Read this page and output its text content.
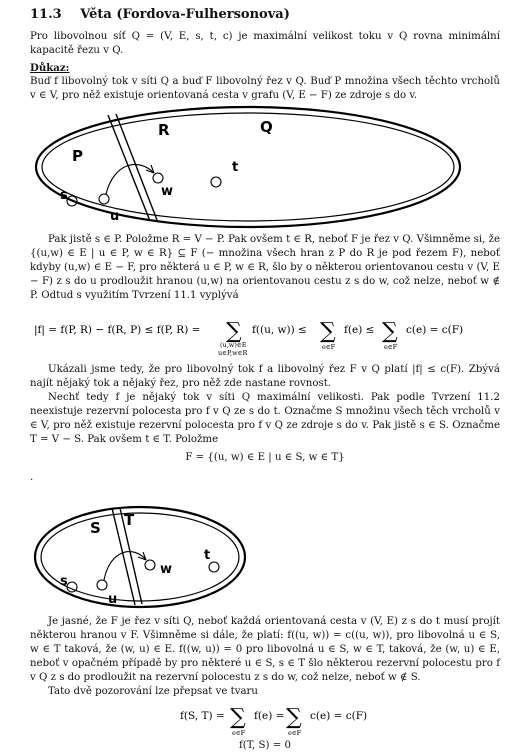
11.3 Věta (Fordova-Fulhersonova)

Pro libovolnou síť Q = (V, E, s, t, c) je maximální velikost toku v Q rovna minimální kapacitě řezu v Q.

Důkaz:

Buď f libovolný tok v síti Q a buď F libovolný řez v Q. Buď P množina všech těchto vrcholů v ∈ V, pro něž existuje orientovaná cesta v grafu (V, E − F) ze zdroje s do v.

R	Q
P
t
s	w
u

Pak jistě s ∈ P. Položme R = V − P. Pak ovšem t ∈ R, neboť F je řez v Q. Všimněme si, že {(u,w) ∈ E | u ∈ P, w ∈ R} ⊆ F (− množina všech hran z P do R je pod řezem F), neboť kdyby (u,w) ∈ E − F, pro některá u ∈ P, w ∈ R, šlo by o některou orientovanou cestu v (V, E − F) z s do u prodloužit hranou (u,w) na orientovanou cestu z s do w, což nelze, neboť w ∉ P. Odtud s využitím Tvrzení 11.1 vyplývá

|f| = f(P, R) − f(R, P) ≤ f(P, R) = ∑ f((u, w)) ≤
(u,w)∈E
u∈P,w∈R
∑ f(e) ≤
e∈F
∑ c(e) = c(F)
e∈F

Ukázali jsme tedy, že pro libovolný tok f a libovolný řez F v Q platí |f| ≤ c(F). Zbývá najít nějaký tok a nějaký řez, pro něž zde nastane rovnost.

Nechť tedy f je nějaký tok v síti Q maximální velikosti. Pak podle Tvrzení 11.2 neexistuje rezervní polocesta pro f v Q ze s do t. Označme S množinu všech těch vrcholů v ∈ V, pro něž existuje rezervní polocesta pro f v Q ze zdroje s do v. Pak jistě s ∈ S. Označme T = V − S. Pak ovšem t ∈ T. Položme

F = {(u, w) ∈ E | u ∈ S, w ∈ T}

.
S T
t
s
w
u

Je jasné, že F je řez v síti Q, neboť každá orientovaná cesta v (V, E) z s do t musí projít některou hranou v F. Všimněme si dále, že platí: f((u, w)) = c((u, w)), pro libovolná u ∈ S, w ∈ T taková, že (w, u) ∈ E. f((w, u)) = 0 pro libovolná u ∈ S, w ∈ T, taková, že (w, u) ∈ E, neboť v opačném případě by pro některé u ∈ S, s ∈ T šlo některou rezervní polocestu pro f v Q z s do prodloužit na rezervní polocestu z s do w, což nelze, neboť w ∉ S.

Tato dvě pozorování lze přepsat ve tvaru

f(S, T) = ∑ f(e) =
e∈F
∑ c(e) = c(F)
e∈F

f(T, S) = 0
